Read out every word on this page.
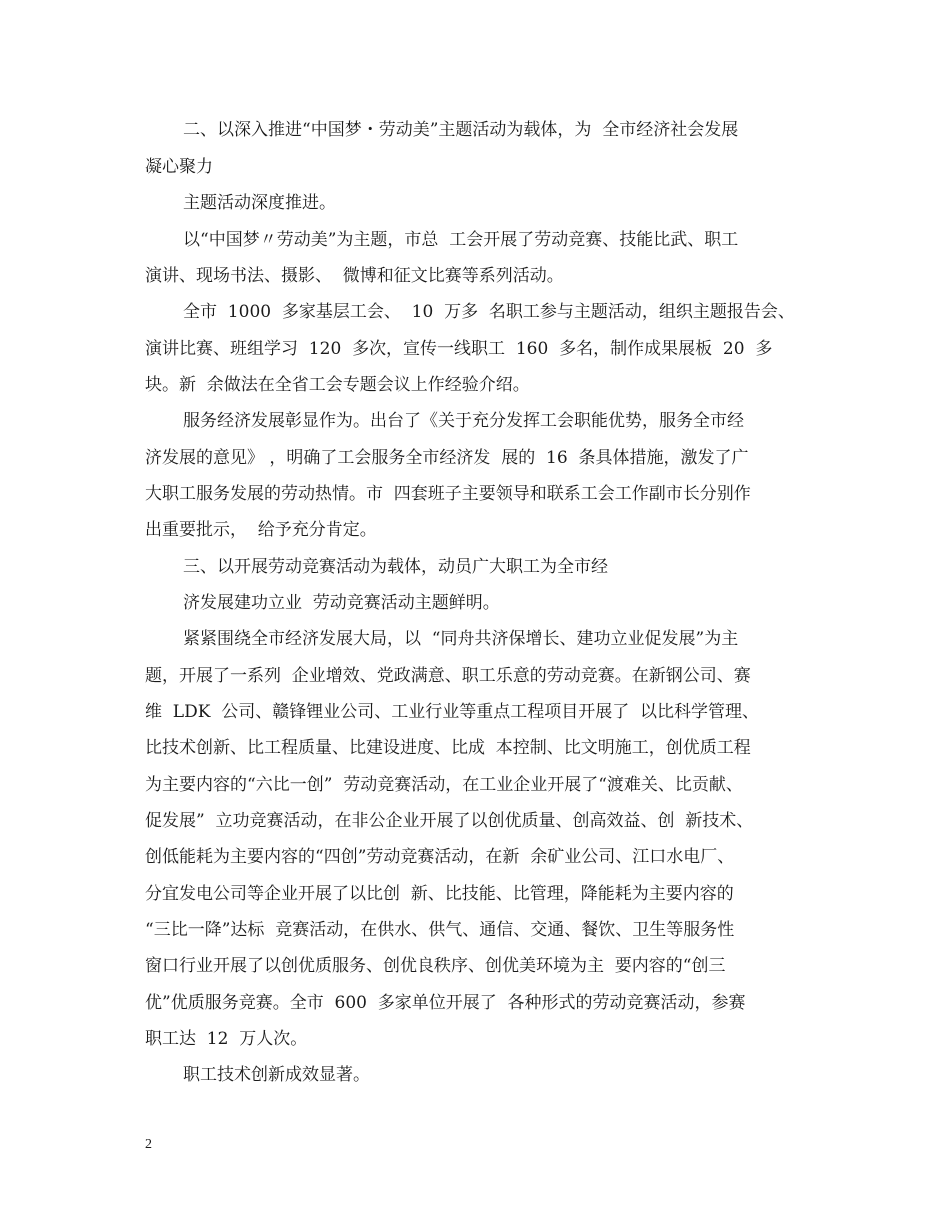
二、以深入推进“中国梦・劳动美”主题活动为载体，为  全市经济社会发展
凝心聚力
主题活动深度推进。
以“中国梦〃劳动美”为主题，市总  工会开展了劳动竞赛、技能比武、职工
演讲、现场书法、摄影、  微博和征文比赛等系列活动。
全市  1000  多家基层工会、  10  万多  名职工参与主题活动，组织主题报告会、
演讲比赛、班组学习  120  多次，宣传一线职工  160  多名，制作成果展板  20  多
块。新  余做法在全省工会专题会议上作经验介绍。
服务经济发展彰显作为。出台了《关于充分发挥工会职能优势，服务全市经
济发展的意见》 ，明确了工会服务全市经济发  展的  16  条具体措施，激发了广
大职工服务发展的劳动热情。市  四套班子主要领导和联系工会工作副市长分别作
出重要批示，  给予充分肯定。
三、以开展劳动竞赛活动为载体，动员广大职工为全市经
济发展建功立业  劳动竞赛活动主题鲜明。
紧紧围绕全市经济发展大局，以  “同舟共济保增长、建功立业促发展”为主
题，开展了一系列  企业增效、党政满意、职工乐意的劳动竞赛。在新钢公司、赛
维  LDK  公司、赣锋锂业公司、工业行业等重点工程项目开展了  以比科学管理、
比技术创新、比工程质量、比建设进度、比成  本控制、比文明施工，创优质工程
为主要内容的“六比一创”  劳动竞赛活动，在工业企业开展了“渡难关、比贡献、
促发展”  立功竞赛活动，在非公企业开展了以创优质量、创高效益、创  新技术、
创低能耗为主要内容的“四创”劳动竞赛活动，在新  余矿业公司、江口水电厂、
分宜发电公司等企业开展了以比创  新、比技能、比管理，降能耗为主要内容的
“三比一降”达标  竞赛活动，在供水、供气、通信、交通、餐饮、卫生等服务性
窗口行业开展了以创优质服务、创优良秩序、创优美环境为主  要内容的“创三
优”优质服务竞赛。全市  600  多家单位开展了  各种形式的劳动竞赛活动，参赛
职工达  12  万人次。
职工技术创新成效显著。
2
